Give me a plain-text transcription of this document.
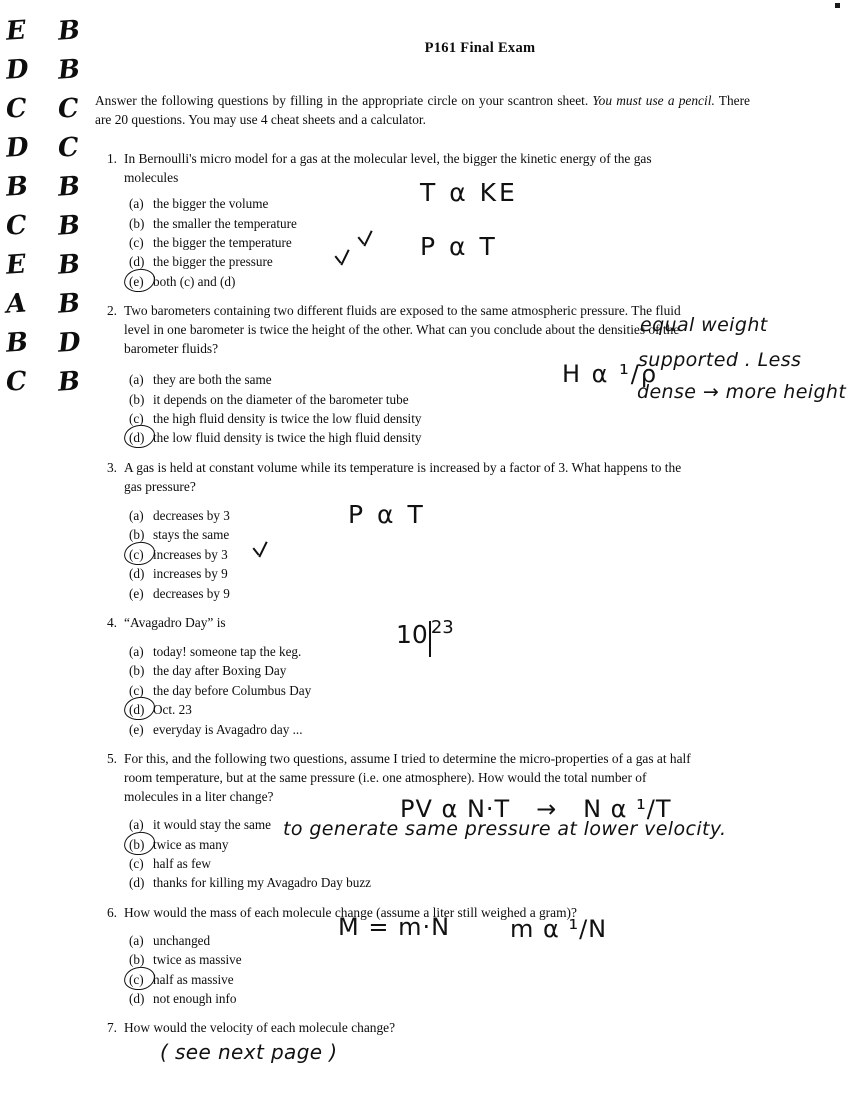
E
D
C
D
B
C
E
A
B
C
B
B
C
C
B
B
B
B
D
B
P161 Final Exam

Answer the following questions by filling in the appropriate circle on your scantron sheet. You must use a pencil. There are 20 questions. You may use 4 cheat sheets and a calculator.

1. In Bernoulli's micro model for a gas at the molecular level, the bigger the kinetic energy of the gas molecules
(a) the bigger the volume
(b) the smaller the temperature
(c) the bigger the temperature
(d) the bigger the pressure
(e) both (c) and (d)
2. Two barometers containing two different fluids are exposed to the same atmospheric pressure. The fluid level in one barometer is twice the height of the other. What can you conclude about the densities of the barometer fluids?
(a) they are both the same
(b) it depends on the diameter of the barometer tube
(c) the high fluid density is twice the low fluid density
(d) the low fluid density is twice the high fluid density
3. A gas is held at constant volume while its temperature is increased by a factor of 3. What happens to the gas pressure?
(a) decreases by 3
(b) stays the same
(c) increases by 3
(d) increases by 9
(e) decreases by 9
4. “Avagadro Day” is
(a) today! someone tap the keg.
(b) the day after Boxing Day
(c) the day before Columbus Day
(d) Oct. 23
(e) everyday is Avagadro day ...
5. For this, and the following two questions, assume I tried to determine the micro-properties of a gas at half room temperature, but at the same pressure (i.e. one atmosphere). How would the total number of molecules in a liter change?
(a) it would stay the same
(b) twice as many
(c) half as few
(d) thanks for killing my Avagadro Day buzz
6. How would the mass of each molecule change (assume a liter still weighed a gram)?
(a) unchanged
(b) twice as massive
(c) half as massive
(d) not enough info
7. How would the velocity of each molecule change?
T α KE
P α T
H α ¹/ρ
equal weight
supported . Less
dense → more height
P α T
10 $^{23}$
PV α N·T   →   N α ¹/T
to generate same pressure at lower velocity.
M = m·N m α ¹/N
( see next page )
